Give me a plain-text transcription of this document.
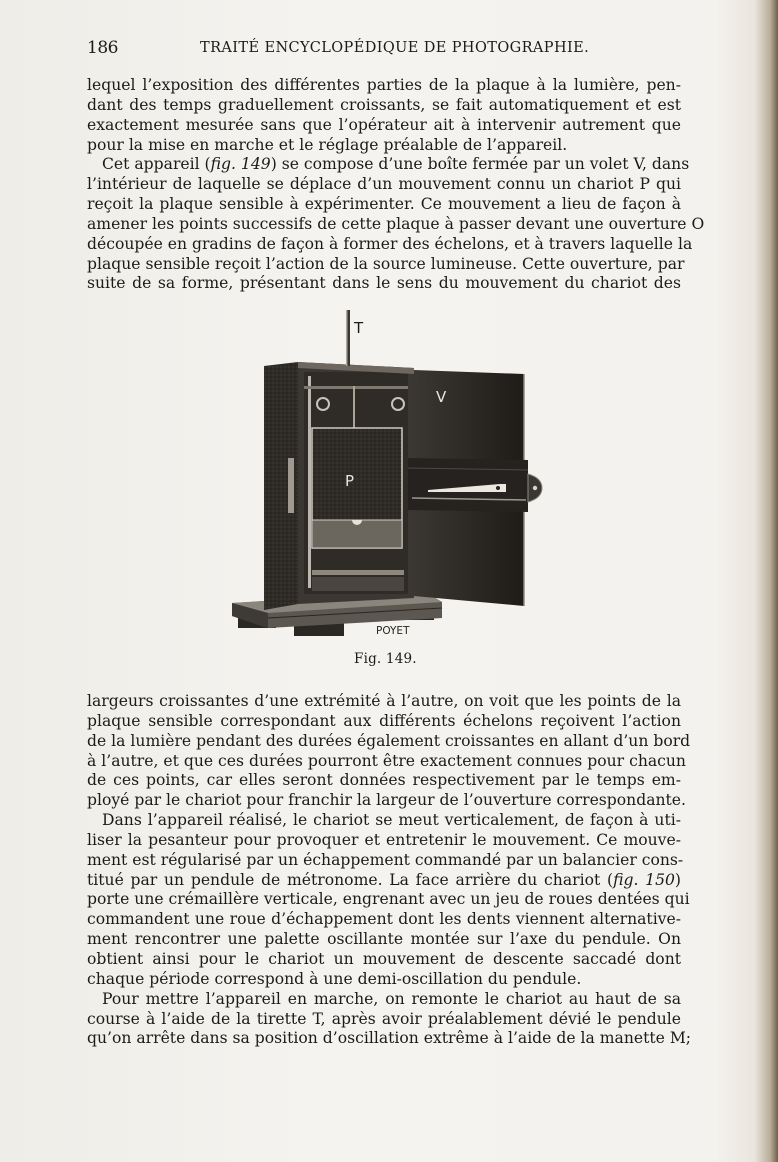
186	TRAITÉ ENCYCLOPÉDIQUE DE PHOTOGRAPHIE.
lequel l’exposition des différentes parties de la plaque à la lumière, pen-
dant des temps graduellement croissants, se fait automatiquement et est
exactement mesurée sans que l’opérateur ait à intervenir autrement que
pour la mise en marche et le réglage préalable de l’appareil.
Cet appareil (fig. 149) se compose d’une boîte fermée par un volet V, dans
l’intérieur de laquelle se déplace d’un mouvement connu un chariot P qui
reçoit la plaque sensible à expérimenter. Ce mouvement a lieu de façon à
amener les points successifs de cette plaque à passer devant une ouverture O
découpée en gradins de façon à former des échelons, et à travers laquelle la
plaque sensible reçoit l’action de la source lumineuse. Cette ouverture, par
suite de sa forme, présentant dans le sens du mouvement du chariot des
T
V
P
POYET
Fig. 149.
largeurs croissantes d’une extrémité à l’autre, on voit que les points de la
plaque sensible correspondant aux différents échelons reçoivent l’action
de la lumière pendant des durées également croissantes en allant d’un bord
à l’autre, et que ces durées pourront être exactement connues pour chacun
de ces points, car elles seront données respectivement par le temps em-
ployé par le chariot pour franchir la largeur de l’ouverture correspondante.
Dans l’appareil réalisé, le chariot se meut verticalement, de façon à uti-
liser la pesanteur pour provoquer et entretenir le mouvement. Ce mouve-
ment est régularisé par un échappement commandé par un balancier cons-
titué par un pendule de métronome. La face arrière du chariot (fig. 150)
porte une crémaillère verticale, engrenant avec un jeu de roues dentées qui
commandent une roue d’échappement dont les dents viennent alternative-
ment rencontrer une palette oscillante montée sur l’axe du pendule. On
obtient ainsi pour le chariot un mouvement de descente saccadé dont
chaque période correspond à une demi-oscillation du pendule.
Pour mettre l’appareil en marche, on remonte le chariot au haut de sa
course à l’aide de la tirette T, après avoir préalablement dévié le pendule
qu’on arrête dans sa position d’oscillation extrême à l’aide de la manette M;
